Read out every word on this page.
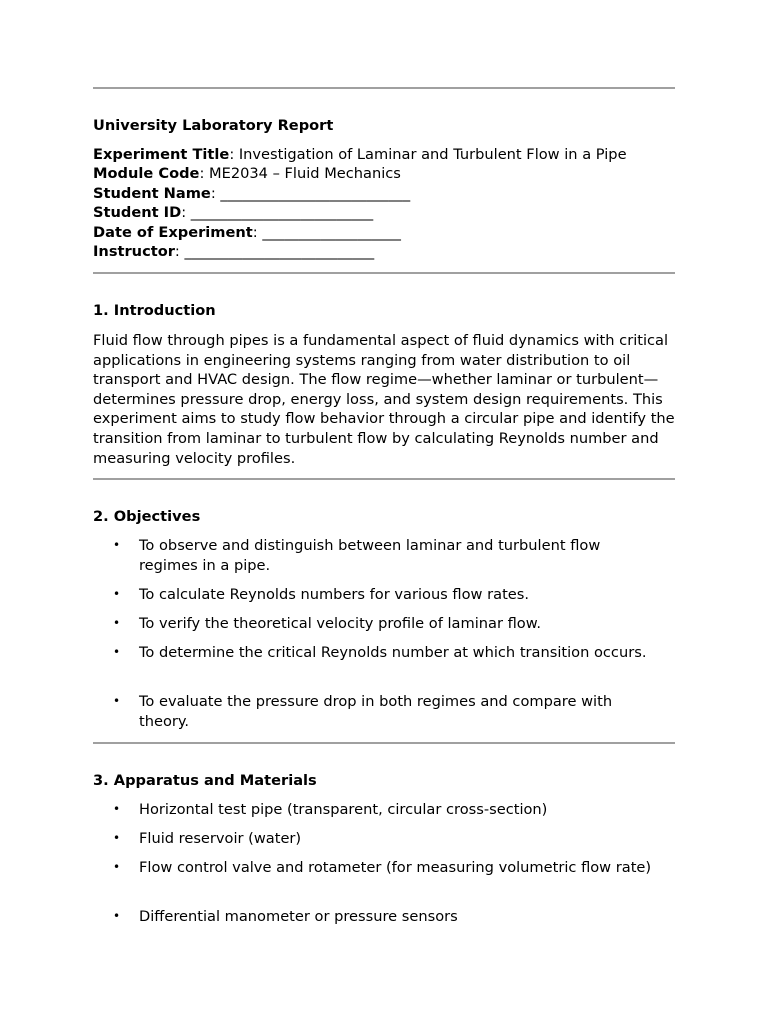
University Laboratory Report
Experiment Title: Investigation of Laminar and Turbulent Flow in a Pipe
Module Code: ME2034 – Fluid Mechanics
Student Name: __________________________
Student ID: _________________________
Date of Experiment: ___________________
Instructor: __________________________
1. Introduction
Fluid flow through pipes is a fundamental aspect of fluid dynamics with critical applications in engineering systems ranging from water distribution to oil transport and HVAC design. The flow regime—whether laminar or turbulent—determines pressure drop, energy loss, and system design requirements. This experiment aims to study flow behavior through a circular pipe and identify the transition from laminar to turbulent flow by calculating Reynolds number and measuring velocity profiles.
2. Objectives
• To observe and distinguish between laminar and turbulent flow regimes in a pipe.
• To calculate Reynolds numbers for various flow rates.
• To verify the theoretical velocity profile of laminar flow.
• To determine the critical Reynolds number at which transition occurs.
• To evaluate the pressure drop in both regimes and compare with theory.
3. Apparatus and Materials
• Horizontal test pipe (transparent, circular cross-section)
• Fluid reservoir (water)
• Flow control valve and rotameter (for measuring volumetric flow rate)
• Differential manometer or pressure sensors
